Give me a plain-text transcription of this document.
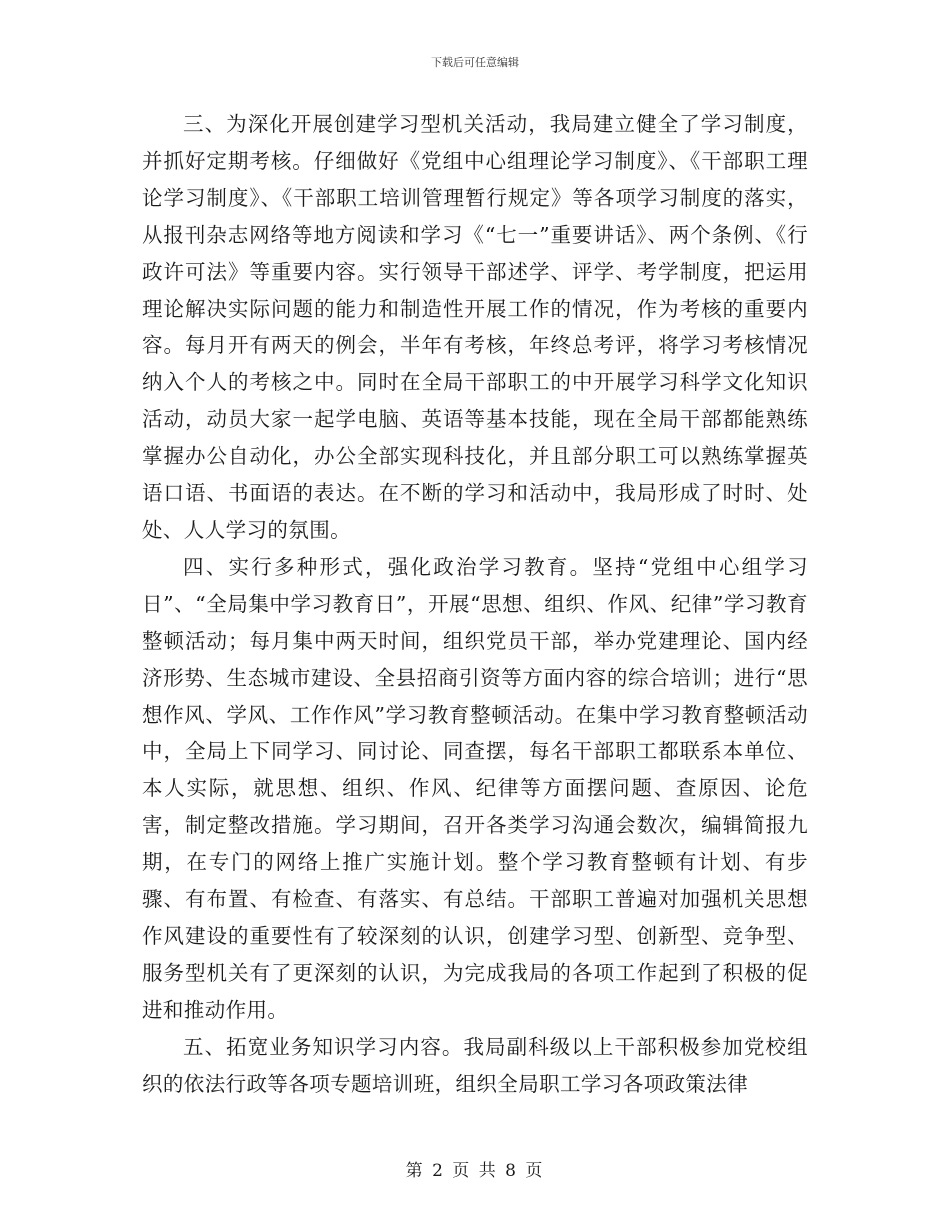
下载后可任意编辑

三、为深化开展创建学习型机关活动，我局建立健全了学习制度，并抓好定期考核。仔细做好《党组中心组理论学习制度》、《干部职工理论学习制度》、《干部职工培训管理暂行规定》等各项学习制度的落实，从报刊杂志网络等地方阅读和学习《“七一”重要讲话》、两个条例、《行政许可法》等重要内容。实行领导干部述学、评学、考学制度，把运用理论解决实际问题的能力和制造性开展工作的情况，作为考核的重要内容。每月开有两天的例会，半年有考核，年终总考评，将学习考核情况纳入个人的考核之中。同时在全局干部职工的中开展学习科学文化知识活动，动员大家一起学电脑、英语等基本技能，现在全局干部都能熟练掌握办公自动化，办公全部实现科技化，并且部分职工可以熟练掌握英语口语、书面语的表达。在不断的学习和活动中，我局形成了时时、处处、人人学习的氛围。

四、实行多种形式，强化政治学习教育。坚持“党组中心组学习日”、“全局集中学习教育日”，开展“思想、组织、作风、纪律”学习教育整顿活动；每月集中两天时间，组织党员干部，举办党建理论、国内经济形势、生态城市建设、全县招商引资等方面内容的综合培训；进行“思想作风、学风、工作作风”学习教育整顿活动。在集中学习教育整顿活动中，全局上下同学习、同讨论、同查摆，每名干部职工都联系本单位、本人实际，就思想、组织、作风、纪律等方面摆问题、查原因、论危害，制定整改措施。学习期间，召开各类学习沟通会数次，编辑简报九期，在专门的网络上推广实施计划。整个学习教育整顿有计划、有步骤、有布置、有检查、有落实、有总结。干部职工普遍对加强机关思想作风建设的重要性有了较深刻的认识，创建学习型、创新型、竞争型、服务型机关有了更深刻的认识，为完成我局的各项工作起到了积极的促进和推动作用。

五、拓宽业务知识学习内容。我局副科级以上干部积极参加党校组织的依法行政等各项专题培训班，组织全局职工学习各项政策法律

第 2 页 共 8 页
